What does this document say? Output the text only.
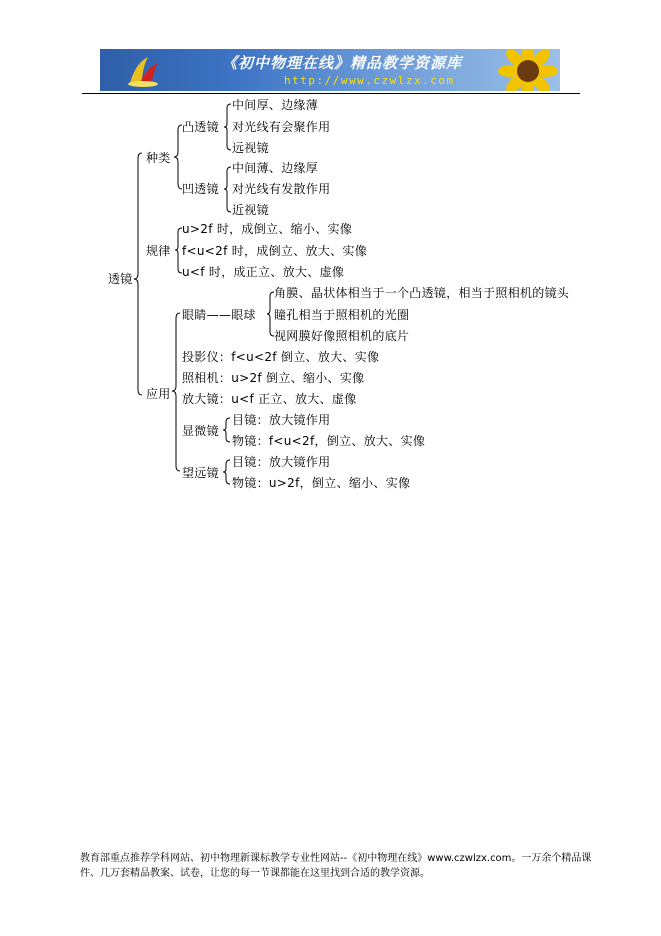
《初中物理在线》精品教学资源库
http://www.czwlzx.com
透镜
种类
凸透镜
中间厚、边缘薄
对光线有会聚作用
远视镜
凹透镜
中间薄、边缘厚
对光线有发散作用
近视镜
规律
u>2f 时，成倒立、缩小、实像
f<u<2f 时，成倒立、放大、实像
u<f 时，成正立、放大、虚像
应用
眼睛——眼球
角膜、晶状体相当于一个凸透镜，相当于照相机的镜头
瞳孔相当于照相机的光圈
视网膜好像照相机的底片
投影仪：f<u<2f 倒立、放大、实像
照相机：u>2f 倒立、缩小、实像
放大镜：u<f 正立、放大、虚像
显微镜
目镜：放大镜作用
物镜：f<u<2f，倒立、放大、实像
望远镜
目镜：放大镜作用
物镜：u>2f，倒立、缩小、实像
教育部重点推荐学科网站、初中物理新课标教学专业性网站--《初中物理在线》www.czwlzx.com。一万余个精品课件、几万套精品教案、试卷，让您的每一节课都能在这里找到合适的教学资源。
